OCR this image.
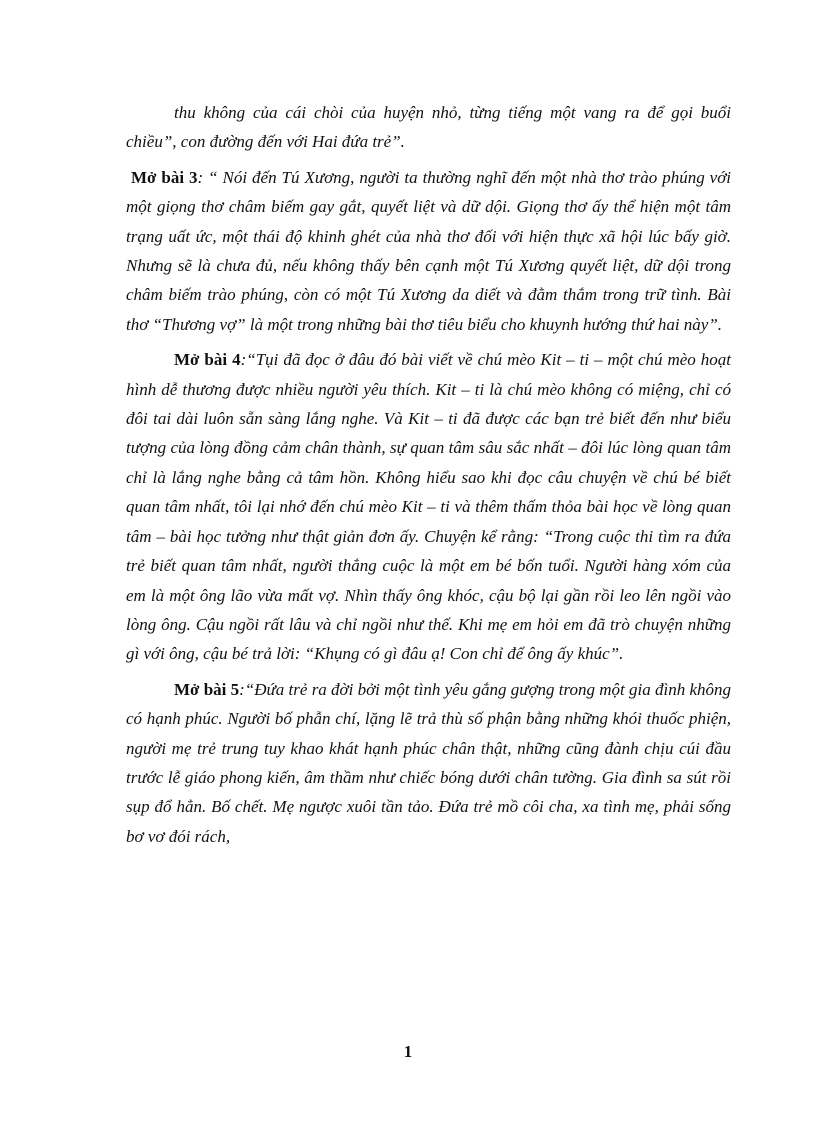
thu không của cái chòi của huyện nhỏ, từng tiếng một vang ra để gọi buổi chiều”, con đường đến với Hai đứa trẻ”.

Mở bài 3: “ Nói đến Tú Xương, người ta thường nghĩ đến một nhà thơ trào phúng với một giọng thơ châm biếm gay gắt, quyết liệt và dữ dội. Giọng thơ ấy thể hiện một tâm trạng uất ức, một thái độ khinh ghét của nhà thơ đối với hiện thực xã hội lúc bấy giờ. Nhưng sẽ là chưa đủ, nếu không thấy bên cạnh một Tú Xương quyết liệt, dữ dội trong châm biếm trào phúng, còn có một Tú Xương da diết và đằm thắm trong trữ tình. Bài thơ “Thương vợ” là một trong những bài thơ tiêu biểu cho khuynh hướng thứ hai này”.

Mở bài 4:“Tụi đã đọc ở đâu đó bài viết về chú mèo Kit – ti – một chú mèo hoạt hình dễ thương được nhiều người yêu thích. Kit – ti là chú mèo không có miệng, chỉ có đôi tai dài luôn sẵn sàng lắng nghe. Và Kit – ti đã được các bạn trẻ biết đến như biểu tượng của lòng đồng cảm chân thành, sự quan tâm sâu sắc nhất – đôi lúc lòng quan tâm chỉ là lắng nghe bằng cả tâm hồn. Không hiểu sao khi đọc câu chuyện về chú bé biết quan tâm nhất, tôi lại nhớ đến chú mèo Kit – ti và thêm thấm thỏa bài học về lòng quan tâm – bài học tưởng như thật giản đơn ấy. Chuyện kể rằng: “Trong cuộc thi tìm ra đứa trẻ biết quan tâm nhất, người thắng cuộc là một em bé bốn tuổi. Người hàng xóm của em là một ông lão vừa mất vợ. Nhìn thấy ông khóc, cậu bộ lại gần rồi leo lên ngồi vào lòng ông. Cậu ngồi rất lâu và chỉ ngồi như thế. Khi mẹ em hỏi em đã trò chuyện những gì với ông, cậu bé trả lời: “Khụng có gì đâu ạ! Con chỉ để ông ấy khúc”.

Mở bài 5:“Đứa trẻ ra đời bởi một tình yêu gắng gượng trong một gia đình không có hạnh phúc. Người bố phẫn chí, lặng lẽ trả thù số phận bằng những khói thuốc phiện, người mẹ trẻ trung tuy khao khát hạnh phúc chân thật, những cũng đành chịu cúi đầu trước lễ giáo phong kiến, âm thầm như chiếc bóng dưới chân tường. Gia đình sa sút rồi sụp đổ hẳn. Bố chết. Mẹ ngược xuôi tần tảo. Đứa trẻ mồ côi cha, xa tình mẹ, phải sống bơ vơ đói rách,

1
